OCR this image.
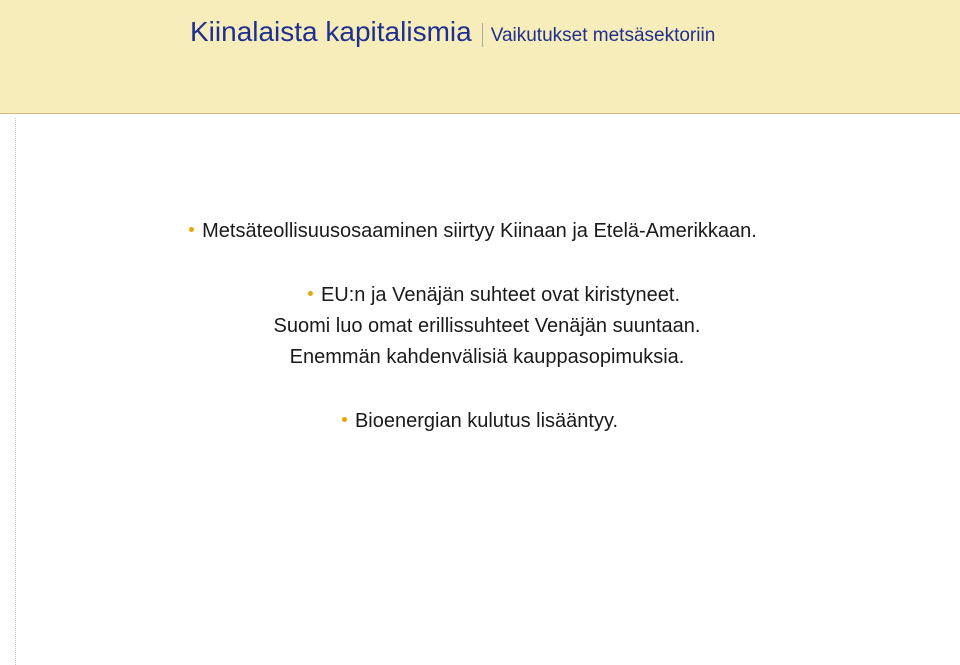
Kiinalaista kapitalismia Vaikutukset metsäsektoriin
Metsäteollisuusosaaminen siirtyy Kiinaan ja Etelä-Amerikkaan.
EU:n ja Venäjän suhteet ovat kiristyneet.
Suomi luo omat erillissuhteet Venäjän suuntaan.
Enemmän kahdenvälisiä kauppasopimuksia.
Bioenergian kulutus lisääntyy.
